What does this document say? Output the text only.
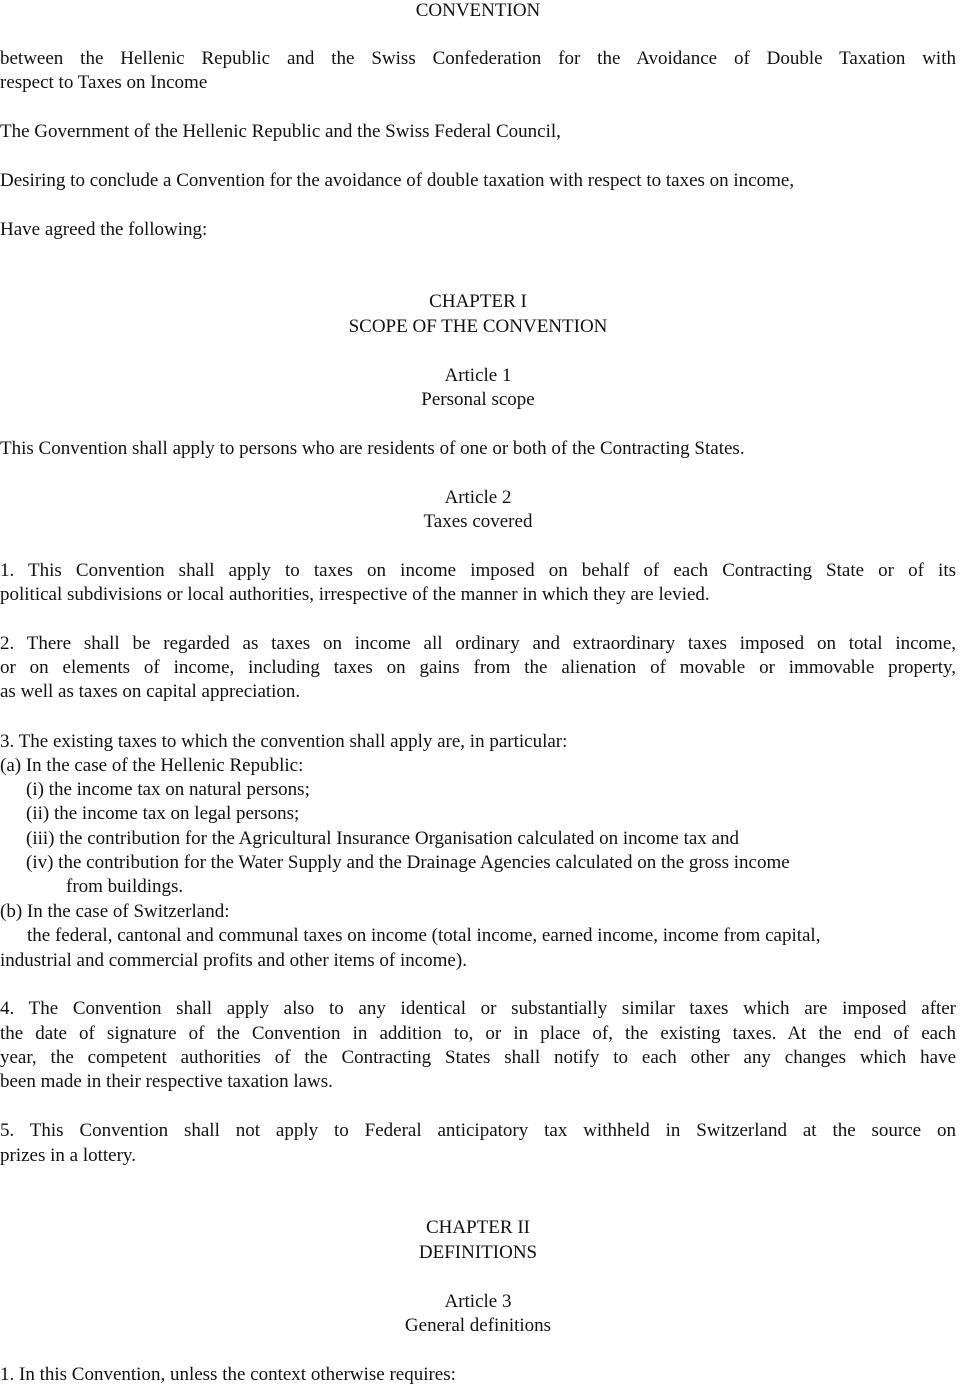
CONVENTION
between the Hellenic Republic and the Swiss Confederation for the Avoidance of Double Taxation with
respect to Taxes on Income
The Government of the Hellenic Republic and the Swiss Federal Council,
Desiring to conclude a Convention for the avoidance of double taxation with respect to taxes on income,
Have agreed the following:
CHAPTER I
SCOPE OF THE CONVENTION
Article 1
Personal scope
This Convention shall apply to persons who are residents of one or both of the Contracting States.
Article 2
Taxes covered
1. This Convention shall apply to taxes on income imposed on behalf of each Contracting State or of its
political subdivisions or local authorities, irrespective of the manner in which they are levied.
2. There shall be regarded as taxes on income all ordinary and extraordinary taxes imposed on total income,
or on elements of income, including taxes on gains from the alienation of movable or immovable property,
as well as taxes on capital appreciation.
3. The existing taxes to which the convention shall apply are, in particular:
(a) In the case of the Hellenic Republic:
(i) the income tax on natural persons;
(ii) the income tax on legal persons;
(iii) the contribution for the Agricultural Insurance Organisation calculated on income tax and
(iv) the contribution for the Water Supply and the Drainage Agencies calculated on the gross income
from buildings.
(b) In the case of Switzerland:
the federal, cantonal and communal taxes on income (total income, earned income, income from capital,
industrial and commercial profits and other items of income).
4. The Convention shall apply also to any identical or substantially similar taxes which are imposed after
the date of signature of the Convention in addition to, or in place of, the existing taxes. At the end of each
year, the competent authorities of the Contracting States shall notify to each other any changes which have
been made in their respective taxation laws.
5. This Convention shall not apply to Federal anticipatory tax withheld in Switzerland at the source on
prizes in a lottery.
CHAPTER II
DEFINITIONS
Article 3
General definitions
1. In this Convention, unless the context otherwise requires:
